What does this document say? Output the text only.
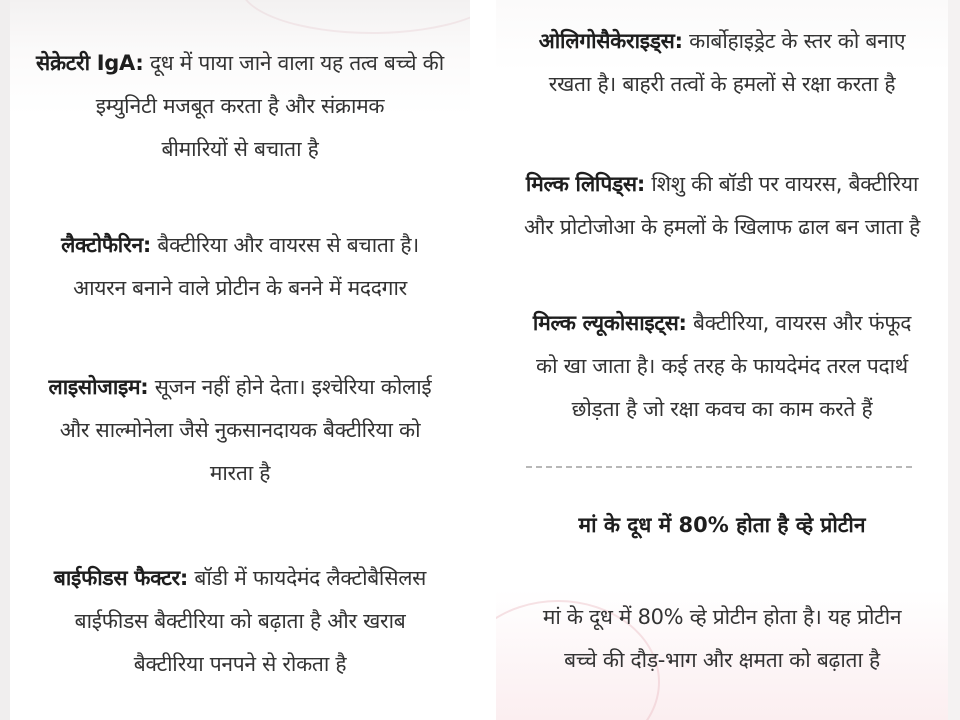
सेक्रेटरी IgA: दूध में पाया जाने वाला यह तत्व बच्चे की

इम्युनिटी मजबूत करता है और संक्रामक

बीमारियों से बचाता है

लैक्टोफैरिन: बैक्टीरिया और वायरस से बचाता है।

आयरन बनाने वाले प्रोटीन के बनने में मददगार

लाइसोजाइम: सूजन नहीं होने देता। इश्चेरिया कोलाई

और साल्मोनेला जैसे नुकसानदायक बैक्टीरिया को

मारता है

बाईफीडस फैक्टर: बॉडी में फायदेमंद लैक्टोबैसिलस

बाईफीडस बैक्टीरिया को बढ़ाता है और खराब

बैक्टीरिया पनपने से रोकता है

ओलिगोसैकेराइड्स: कार्बोहाइड्रेट के स्तर को बनाए

रखता है। बाहरी तत्वों के हमलों से रक्षा करता है

मिल्क लिपिड्स: शिशु की बॉडी पर वायरस, बैक्टीरिया

और प्रोटोजोआ के हमलों के खिलाफ ढाल बन जाता है

मिल्क ल्यूकोसाइट्स: बैक्टीरिया, वायरस और फंफूद

को खा जाता है। कई तरह के फायदेमंद तरल पदार्थ

छोड़ता है जो रक्षा कवच का काम करते हैं

मां के दूध में 80% होता है व्हे प्रोटीन

मां के दूध में 80% व्हे प्रोटीन होता है। यह प्रोटीन

बच्चे की दौड़-भाग और क्षमता को बढ़ाता है
